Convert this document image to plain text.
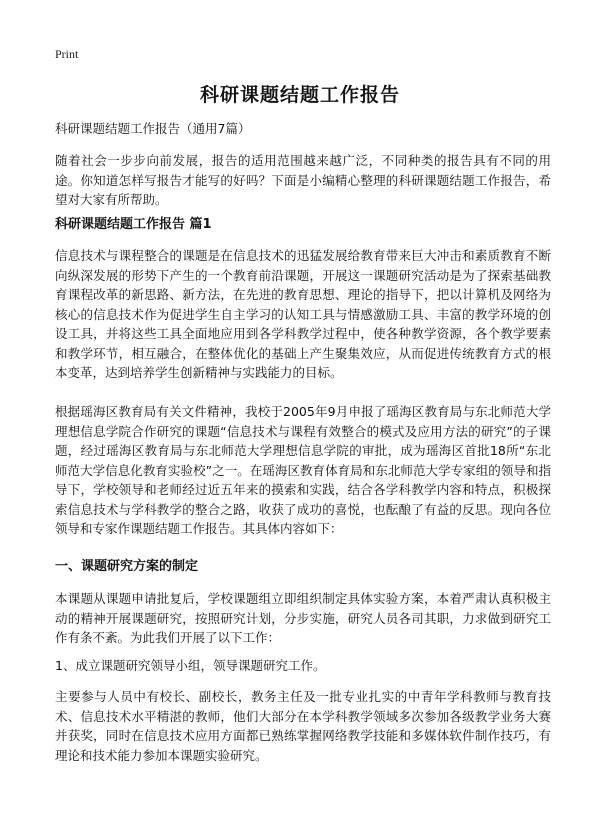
Print
科研课题结题工作报告

科研课题结题工作报告（通用7篇）

随着社会一步步向前发展，报告的适用范围越来越广泛，不同种类的报告具有不同的用途。你知道怎样写报告才能写的好吗？下面是小编精心整理的科研课题结题工作报告，希望对大家有所帮助。

科研课题结题工作报告 篇1

信息技术与课程整合的课题是在信息技术的迅猛发展给教育带来巨大冲击和素质教育不断向纵深发展的形势下产生的一个教育前沿课题，开展这一课题研究活动是为了探索基础教育课程改革的新思路、新方法，在先进的教育思想、理论的指导下，把以计算机及网络为核心的信息技术作为促进学生自主学习的认知工具与情感激励工具、丰富的教学环境的创设工具，并将这些工具全面地应用到各学科教学过程中，使各种教学资源，各个教学要素和教学环节，相互融合，在整体优化的基础上产生聚集效应，从而促进传统教育方式的根本变革，达到培养学生创新精神与实践能力的目标。

根据瑶海区教育局有关文件精神，我校于2005年9月申报了瑶海区教育局与东北师范大学理想信息学院合作研究的课题“信息技术与课程有效整合的模式及应用方法的研究”的子课题，经过瑶海区教育局与东北师范大学理想信息学院的审批，成为瑶海区首批18所“东北师范大学信息化教育实验校”之一。在瑶海区教育体育局和东北师范大学专家组的领导和指导下，学校领导和老师经过近五年来的摸索和实践，结合各学科教学内容和特点，积极探索信息技术与学科教学的整合之路，收获了成功的喜悦，也酝酿了有益的反思。现向各位领导和专家作课题结题工作报告。其具体内容如下：

一、课题研究方案的制定

本课题从课题申请批复后，学校课题组立即组织制定具体实验方案，本着严肃认真积极主动的精神开展课题研究，按照研究计划，分步实施，研究人员各司其职，力求做到研究工作有条不紊。为此我们开展了以下工作：

1、成立课题研究领导小组，领导课题研究工作。

主要参与人员中有校长、副校长，教务主任及一批专业扎实的中青年学科教师与教育技术、信息技术水平精湛的教师，他们大部分在本学科教学领域多次参加各级教学业务大赛并获奖，同时在信息技术应用方面都已熟练掌握网络教学技能和多媒体软件制作技巧，有理论和技术能力参加本课题实验研究。
